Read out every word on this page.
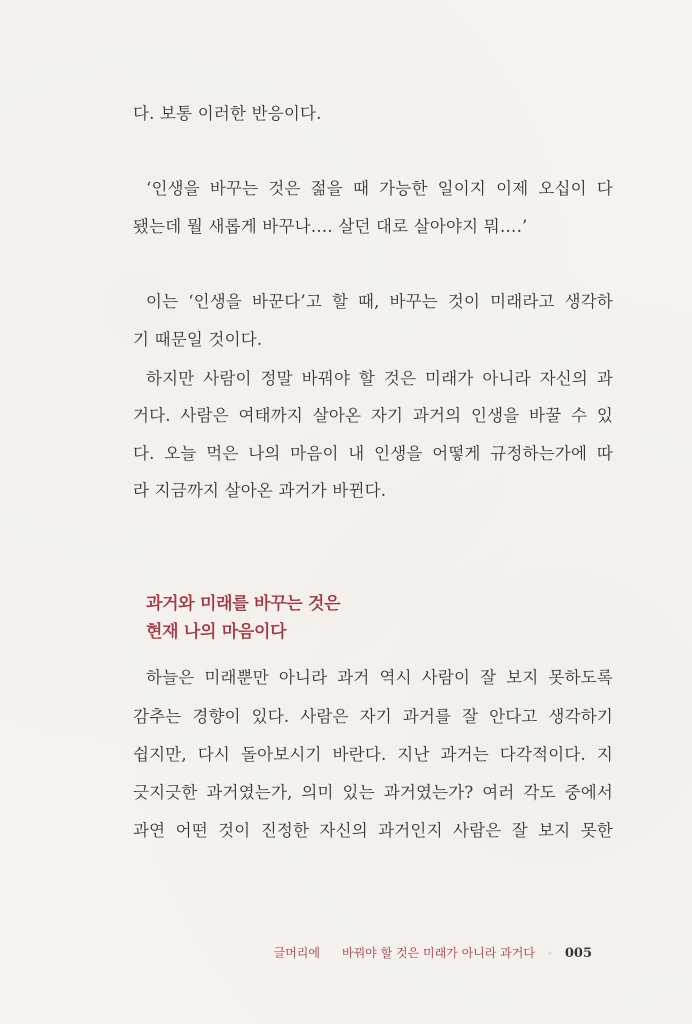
다. 보통 이러한 반응이다.
‘인생을 바꾸는 것은 젊을 때 가능한 일이지 이제 오십이 다
됐는데 뭘 새롭게 바꾸나…. 살던 대로 살아야지 뭐….’
이는 ‘인생을 바꾼다’고 할 때, 바꾸는 것이 미래라고 생각하
기 때문일 것이다.
하지만 사람이 정말 바꿔야 할 것은 미래가 아니라 자신의 과
거다. 사람은 여태까지 살아온 자기 과거의 인생을 바꿀 수 있
다. 오늘 먹은 나의 마음이 내 인생을 어떻게 규정하는가에 따
라 지금까지 살아온 과거가 바뀐다.
과거와 미래를 바꾸는 것은
현재 나의 마음이다
하늘은 미래뿐만 아니라 과거 역시 사람이 잘 보지 못하도록
감추는 경향이 있다. 사람은 자기 과거를 잘 안다고 생각하기
쉽지만, 다시 돌아보시기 바란다. 지난 과거는 다각적이다. 지
긋지긋한 과거였는가, 의미 있는 과거였는가? 여러 각도 중에서
과연 어떤 것이 진정한 자신의 과거인지 사람은 잘 보지 못한
글머리에 바꿔야 할 것은 미래가 아니라 과거다 ◦ 005
